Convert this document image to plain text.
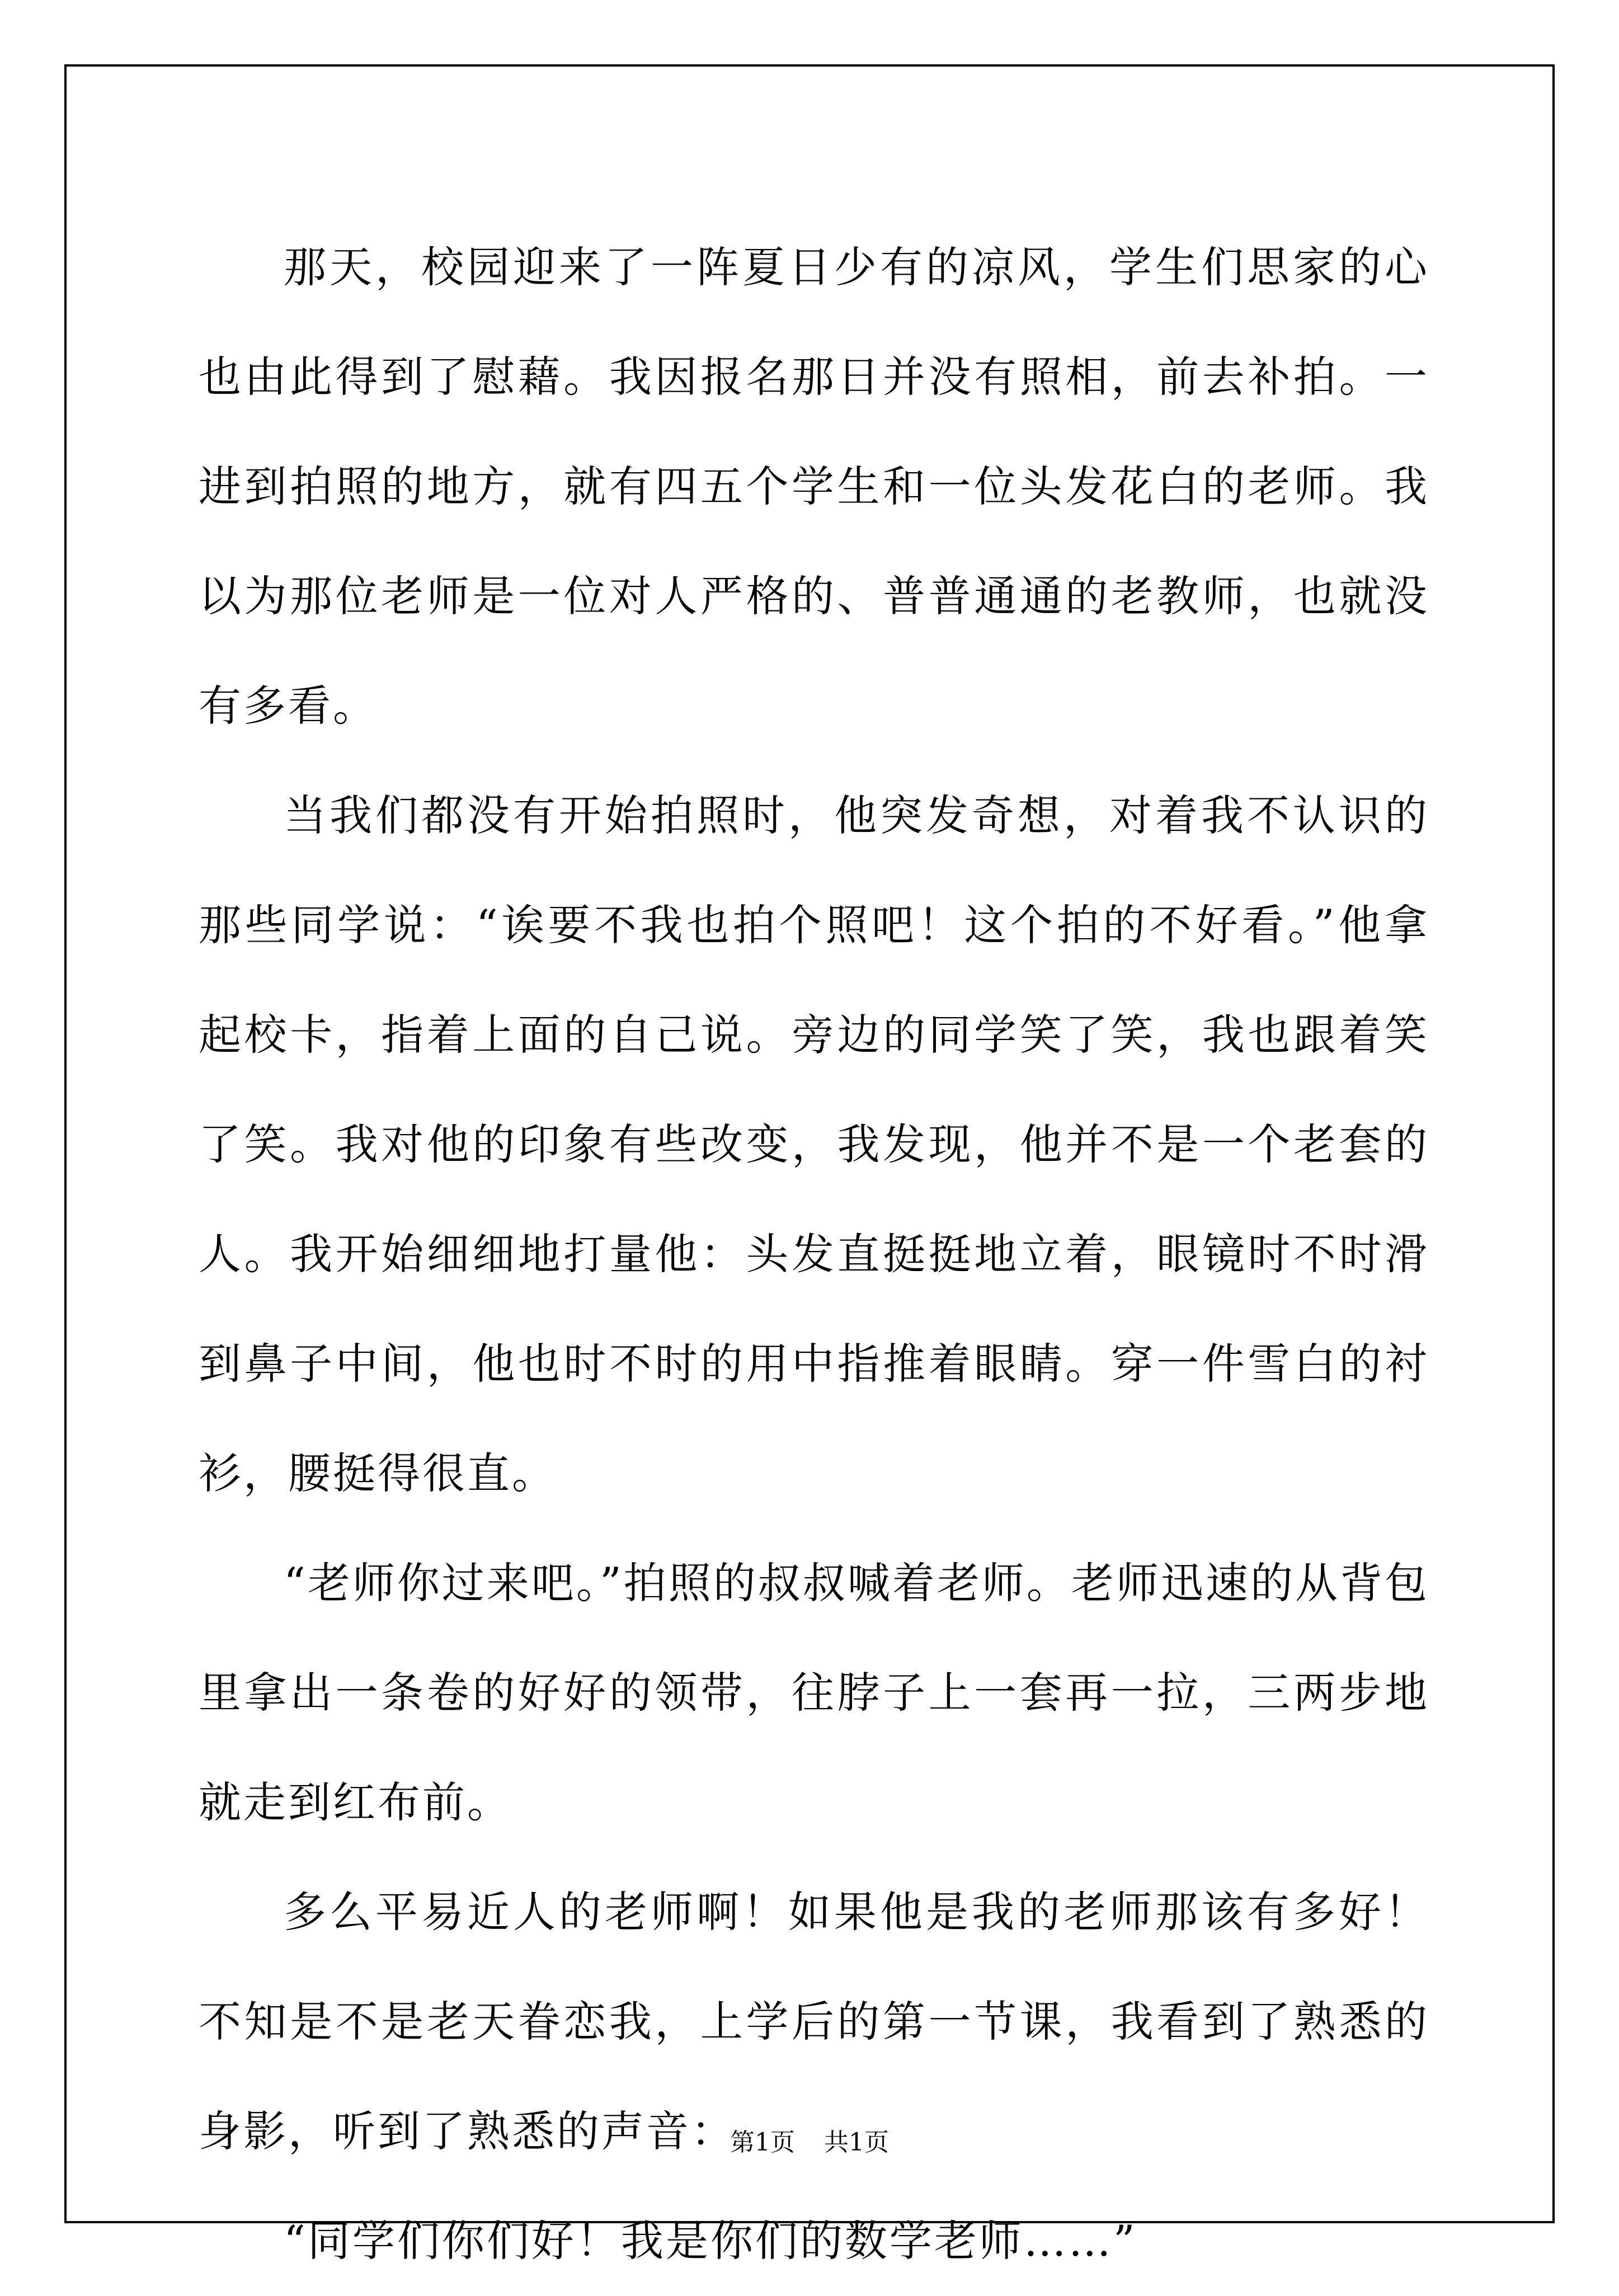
那天，校园迎来了一阵夏日少有的凉风，学生们思家的心也由此得到了慰藉。我因报名那日并没有照相，前去补拍。一进到拍照的地方，就有四五个学生和一位头发花白的老师。我以为那位老师是一位对人严格的、普普通通的老教师，也就没有多看。

当我们都没有开始拍照时，他突发奇想，对着我不认识的那些同学说：“诶要不我也拍个照吧！这个拍的不好看。”他拿起校卡，指着上面的自己说。旁边的同学笑了笑，我也跟着笑了笑。我对他的印象有些改变，我发现，他并不是一个老套的人。我开始细细地打量他：头发直挺挺地立着，眼镜时不时滑到鼻子中间，他也时不时的用中指推着眼睛。穿一件雪白的衬衫，腰挺得很直。

“老师你过来吧。”拍照的叔叔喊着老师。老师迅速的从背包里拿出一条卷的好好的领带，往脖子上一套再一拉，三两步地就走到红布前。

多么平易近人的老师啊！如果他是我的老师那该有多好！不知是不是老天眷恋我，上学后的第一节课，我看到了熟悉的身影，听到了熟悉的声音：

“同学们你们好！我是你们的数学老师……”

第1页 共1页
